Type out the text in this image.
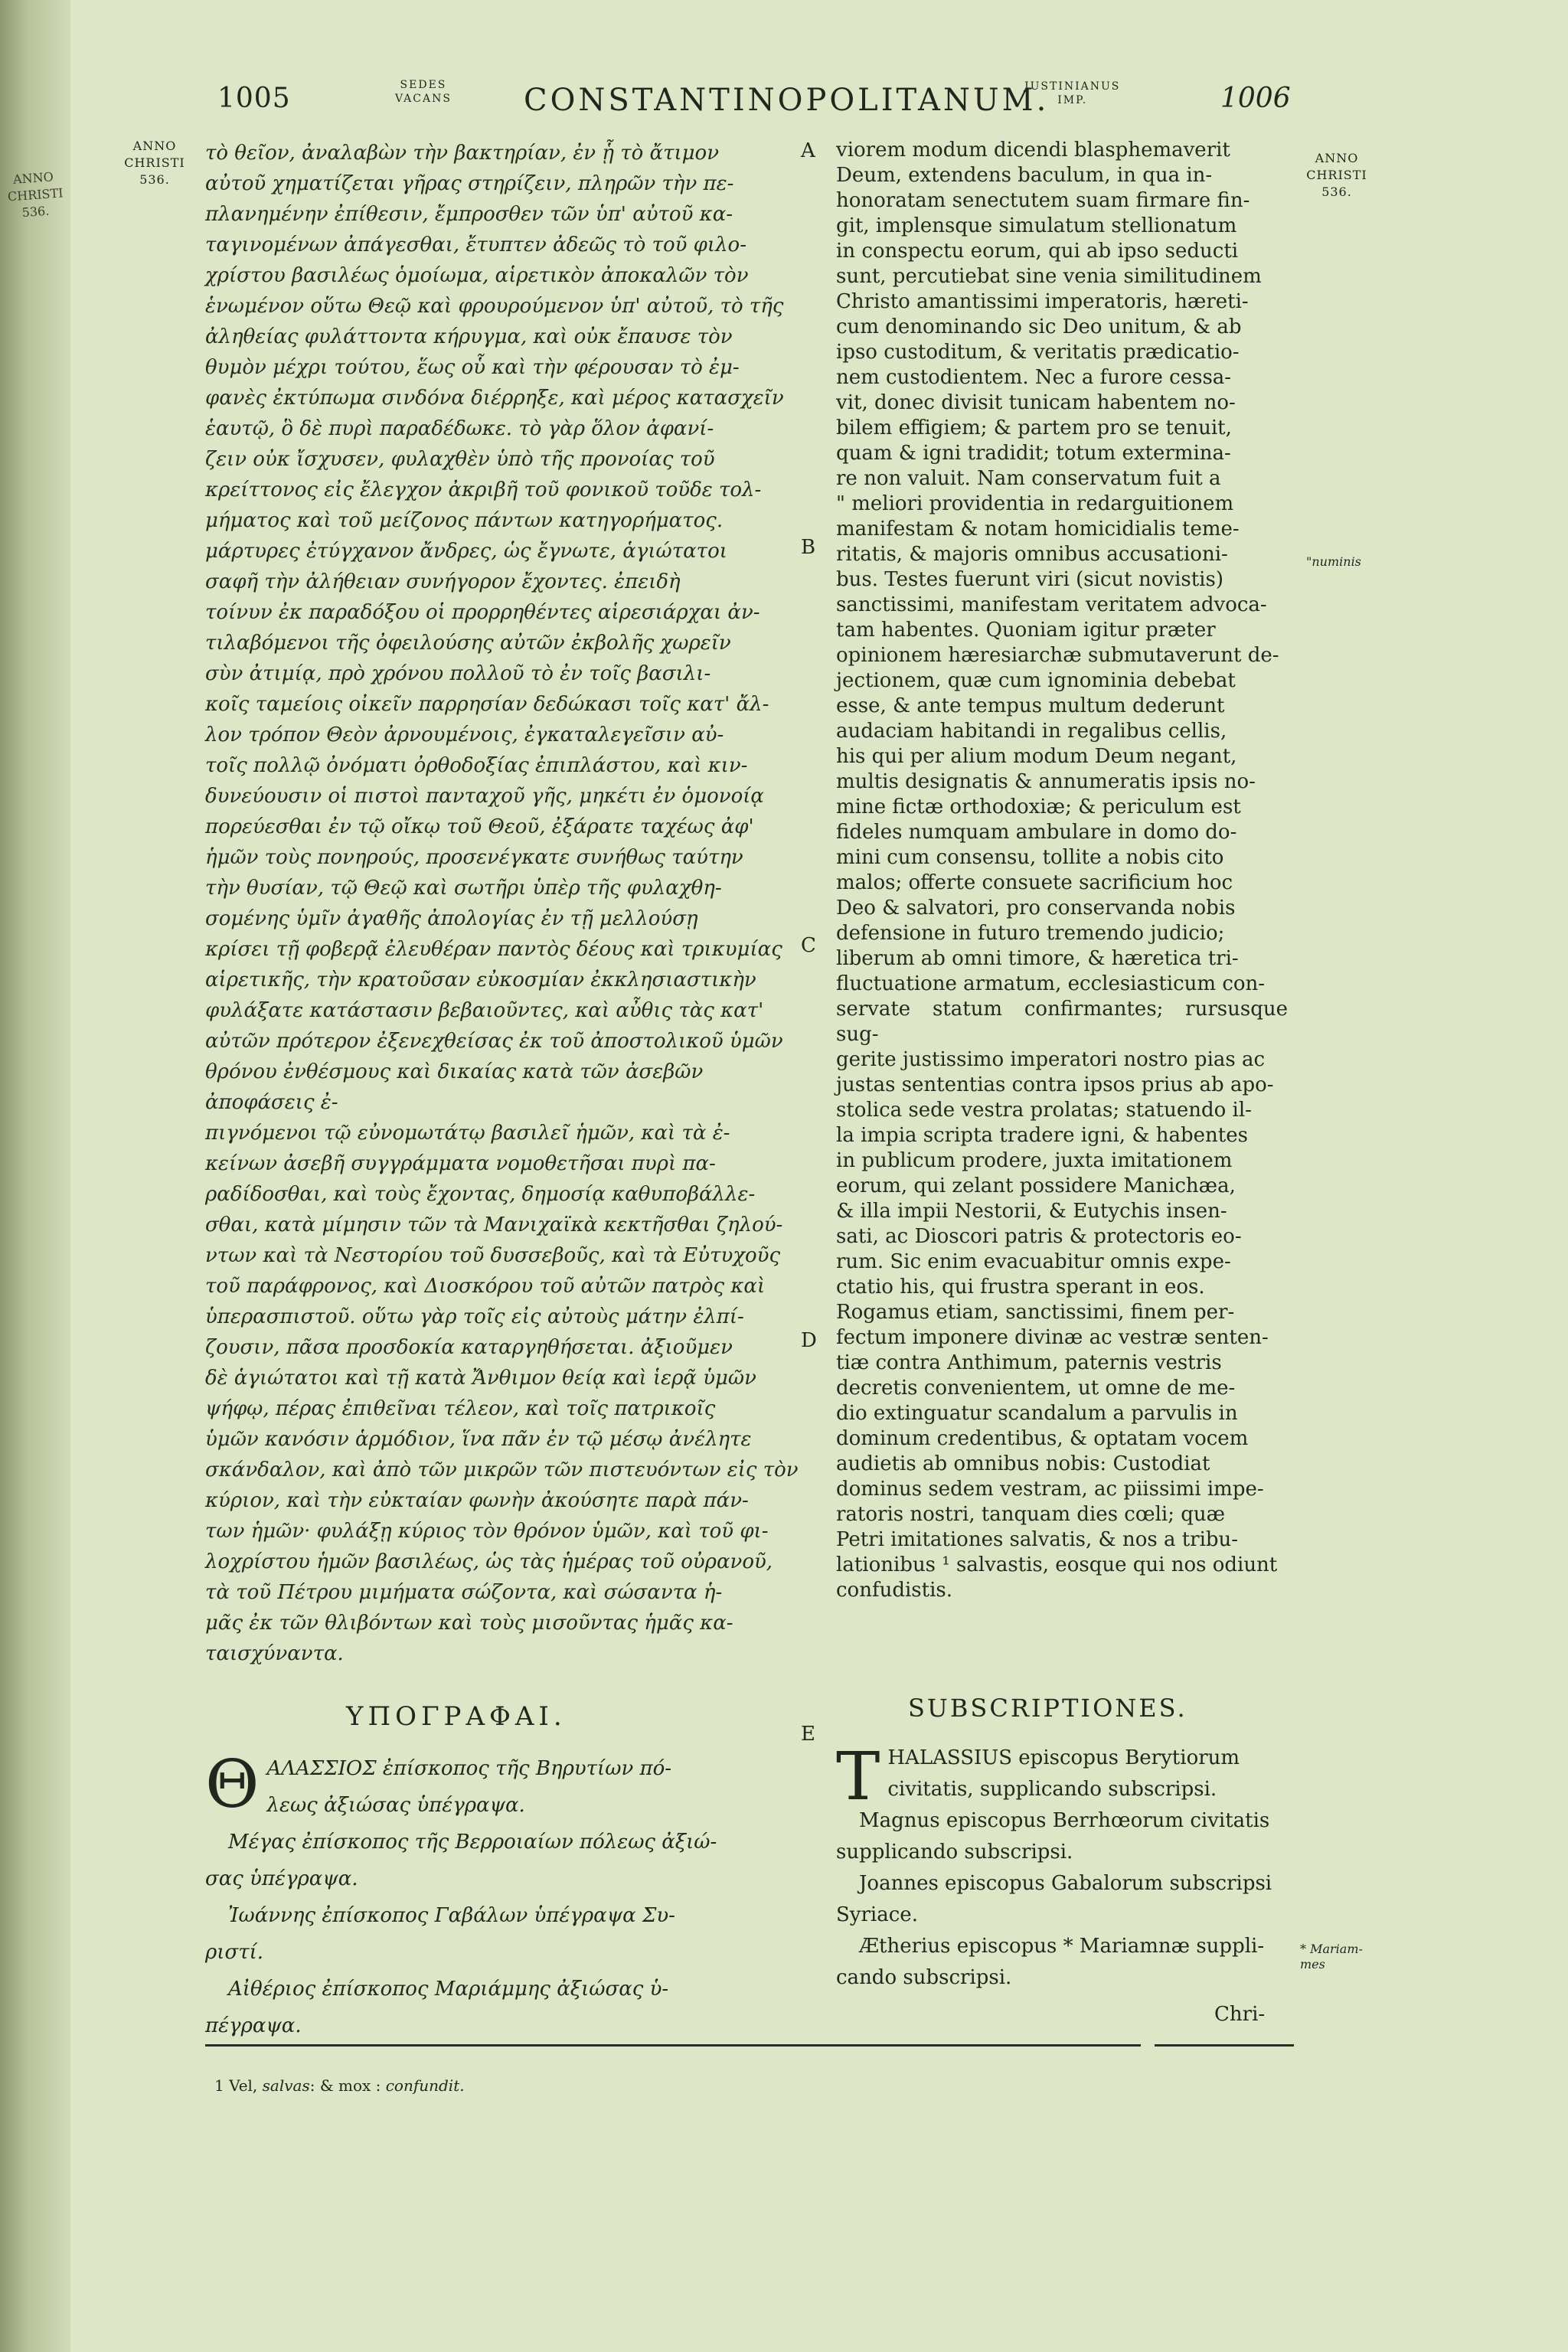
ANNO
CHRISTI
536.
1005	SEDES
VACANS CONSTANTINOPOLITANUM.
JUSTINIANUS
IMP.	1006
ANNO
CHRISTI
536.
ANNO
CHRISTI
536.
"numinis
* Mariam-
mes
A
B
C
D
E

τὸ θεῖον, ἀναλαβὼν τὴν βακτηρίαν, ἐν ᾗ τὸ ἄτιμον

αὐτοῦ χηματίζεται γῆρας στηρίζειν, πληρῶν τὴν πε-

πλανημένην ἐπίθεσιν, ἔμπροσθεν τῶν ὑπ' αὐτοῦ κα-

ταγινομένων ἀπάγεσθαι, ἔτυπτεν ἀδεῶς τὸ τοῦ φιλο-

χρίστου βασιλέως ὁμοίωμα, αἱρετικὸν ἀποκαλῶν τὸν

ἑνωμένον οὕτω Θεῷ καὶ φρουρούμενον ὑπ' αὐτοῦ, τὸ τῆς

ἀληθείας φυλάττοντα κήρυγμα, καὶ οὐκ ἔπαυσε τὸν

θυμὸν μέχρι τούτου, ἕως οὗ καὶ τὴν φέρουσαν τὸ ἐμ-

φανὲς ἐκτύπωμα σινδόνα διέρρηξε, καὶ μέρος κατασχεῖν

ἑαυτῷ, ὃ δὲ πυρὶ παραδέδωκε. τὸ γὰρ ὅλον ἀφανί-

ζειν οὐκ ἴσχυσεν, φυλαχθὲν ὑπὸ τῆς προνοίας τοῦ

κρείττονος εἰς ἔλεγχον ἀκριβῆ τοῦ φονικοῦ τοῦδε τολ-

μήματος καὶ τοῦ μείζονος πάντων κατηγορήματος.

μάρτυρες ἐτύγχανον ἄνδρες, ὡς ἔγνωτε, ἁγιώτατοι

σαφῆ τὴν ἀλήθειαν συνήγορον ἔχοντες. ἐπειδὴ

τοίνυν ἐκ παραδόξου οἱ προρρηθέντες αἱρεσιάρχαι ἀν-

τιλαβόμενοι τῆς ὀφειλούσης αὐτῶν ἐκβολῆς χωρεῖν

σὺν ἀτιμίᾳ, πρὸ χρόνου πολλοῦ τὸ ἐν τοῖς βασιλι-

κοῖς ταμείοις οἰκεῖν παρρησίαν δεδώκασι τοῖς κατ' ἄλ-

λον τρόπον Θεὸν ἀρνουμένοις, ἐγκαταλεγεῖσιν αὐ-

τοῖς πολλῷ ὀνόματι ὀρθοδοξίας ἐπιπλάστου, καὶ κιν-

δυνεύουσιν οἱ πιστοὶ πανταχοῦ γῆς, μηκέτι ἐν ὁμονοίᾳ

πορεύεσθαι ἐν τῷ οἴκῳ τοῦ Θεοῦ, ἐξάρατε ταχέως ἀφ'

ἡμῶν τοὺς πονηρούς, προσενέγκατε συνήθως ταύτην

τὴν θυσίαν, τῷ Θεῷ καὶ σωτῆρι ὑπὲρ τῆς φυλαχθη-

σομένης ὑμῖν ἀγαθῆς ἀπολογίας ἐν τῇ μελλούσῃ

κρίσει τῇ φοβερᾷ ἐλευθέραν παντὸς δέους καὶ τρικυμίας

αἱρετικῆς, τὴν κρατοῦσαν εὐκοσμίαν ἐκκλησιαστικὴν

φυλάξατε κατάστασιν βεβαιοῦντες, καὶ αὖθις τὰς κατ'

αὐτῶν πρότερον ἐξενεχθείσας ἐκ τοῦ ἀποστολικοῦ ὑμῶν

θρόνου ἐνθέσμους καὶ δικαίας κατὰ τῶν ἀσεβῶν ἀποφάσεις ἐ-

πιγνόμενοι τῷ εὐνομωτάτῳ βασιλεῖ ἡμῶν, καὶ τὰ ἐ-

κείνων ἀσεβῆ συγγράμματα νομοθετῆσαι πυρὶ πα-

ραδίδοσθαι, καὶ τοὺς ἔχοντας, δημοσίᾳ καθυποβάλλε-

σθαι, κατὰ μίμησιν τῶν τὰ Μανιχαϊκὰ κεκτῆσθαι ζηλού-

ντων καὶ τὰ Νεστορίου τοῦ δυσσεβοῦς, καὶ τὰ Εὐτυχοῦς

τοῦ παράφρονος, καὶ Διοσκόρου τοῦ αὐτῶν πατρὸς καὶ

ὑπερασπιστοῦ. οὕτω γὰρ τοῖς εἰς αὐτοὺς μάτην ἐλπί-

ζουσιν, πᾶσα προσδοκία καταργηθήσεται. ἀξιοῦμεν

δὲ ἁγιώτατοι καὶ τῇ κατὰ Ἄνθιμον θείᾳ καὶ ἱερᾷ ὑμῶν

ψήφῳ, πέρας ἐπιθεῖναι τέλεον, καὶ τοῖς πατρικοῖς

ὑμῶν κανόσιν ἁρμόδιον, ἵνα πᾶν ἐν τῷ μέσῳ ἀνέλητε

σκάνδαλον, καὶ ἀπὸ τῶν μικρῶν τῶν πιστευόντων εἰς τὸν

κύριον, καὶ τὴν εὐκταίαν φωνὴν ἀκούσητε παρὰ πάν-

των ἡμῶν· φυλάξῃ κύριος τὸν θρόνον ὑμῶν, καὶ τοῦ φι-

λοχρίστου ἡμῶν βασιλέως, ὡς τὰς ἡμέρας τοῦ οὐρανοῦ,

τὰ τοῦ Πέτρου μιμήματα σώζοντα, καὶ σώσαντα ἡ-

μᾶς ἐκ τῶν θλιβόντων καὶ τοὺς μισοῦντας ἡμᾶς κα-

ταισχύναντα.

viorem modum dicendi blasphemaverit

Deum, extendens baculum, in qua in-

honoratam senectutem suam firmare fin-

git, implensque simulatum stellionatum

in conspectu eorum, qui ab ipso seducti

sunt, percutiebat sine venia similitudinem

Christo amantissimi imperatoris, hæreti-

cum denominando sic Deo unitum, & ab

ipso custoditum, & veritatis prædicatio-

nem custodientem. Nec a furore cessa-

vit, donec divisit tunicam habentem no-

bilem effigiem; & partem pro se tenuit,

quam & igni tradidit; totum extermina-

re non valuit. Nam conservatum fuit a

" meliori providentia in redarguitionem

manifestam & notam homicidialis teme-

ritatis, & majoris omnibus accusationi-

bus. Testes fuerunt viri (sicut novistis)

sanctissimi, manifestam veritatem advoca-

tam habentes. Quoniam igitur præter

opinionem hæresiarchæ submutaverunt de-

jectionem, quæ cum ignominia debebat

esse, & ante tempus multum dederunt

audaciam habitandi in regalibus cellis,

his qui per alium modum Deum negant,

multis designatis & annumeratis ipsis no-

mine fictæ orthodoxiæ; & periculum est

fideles numquam ambulare in domo do-

mini cum consensu, tollite a nobis cito

malos; offerte consuete sacrificium hoc

Deo & salvatori, pro conservanda nobis

defensione in futuro tremendo judicio;

liberum ab omni timore, & hæretica tri-

fluctuatione armatum, ecclesiasticum con-

servate statum confirmantes; rursusque sug-

gerite justissimo imperatori nostro pias ac

justas sententias contra ipsos prius ab apo-

stolica sede vestra prolatas; statuendo il-

la impia scripta tradere igni, & habentes

in publicum prodere, juxta imitationem

eorum, qui zelant possidere Manichæa,

& illa impii Nestorii, & Eutychis insen-

sati, ac Dioscori patris & protectoris eo-

rum. Sic enim evacuabitur omnis expe-

ctatio his, qui frustra sperant in eos.

Rogamus etiam, sanctissimi, finem per-

fectum imponere divinæ ac vestræ senten-

tiæ contra Anthimum, paternis vestris

decretis convenientem, ut omne de me-

dio extinguatur scandalum a parvulis in

dominum credentibus, & optatam vocem

audietis ab omnibus nobis: Custodiat

dominus sedem vestram, ac piissimi impe-

ratoris nostri, tanquam dies cœli; quæ

Petri imitationes salvatis, & nos a tribu-

lationibus ¹ salvastis, eosque qui nos odiunt

confudistis.

ΥΠΟΓΡΑΦΑΙ.	SUBSCRIPTIONES.
Θ ΑΛΑΣΣΙΟΣ ἐπίσκοπος τῆς Βηρυτίων πό-

λεως ἀξιώσας ὑπέγραψα.

Μέγας ἐπίσκοπος τῆς Βερροιαίων πόλεως ἀξιώ-

σας ὑπέγραψα.

Ἰωάννης ἐπίσκοπος Γαβάλων ὑπέγραψα Συ-

ριστί.

Αἰθέριος ἐπίσκοπος Μαριάμμης ἀξιώσας ὑ-

πέγραψα.

T HALASSIUS episcopus Berytiorum

civitatis, supplicando subscripsi.

Magnus episcopus Berrhœorum civitatis

supplicando subscripsi.

Joannes episcopus Gabalorum subscripsi

Syriace.

Ætherius episcopus * Mariamnæ suppli-

cando subscripsi.

Chri-
1 Vel, salvas: & mox : confundit.
